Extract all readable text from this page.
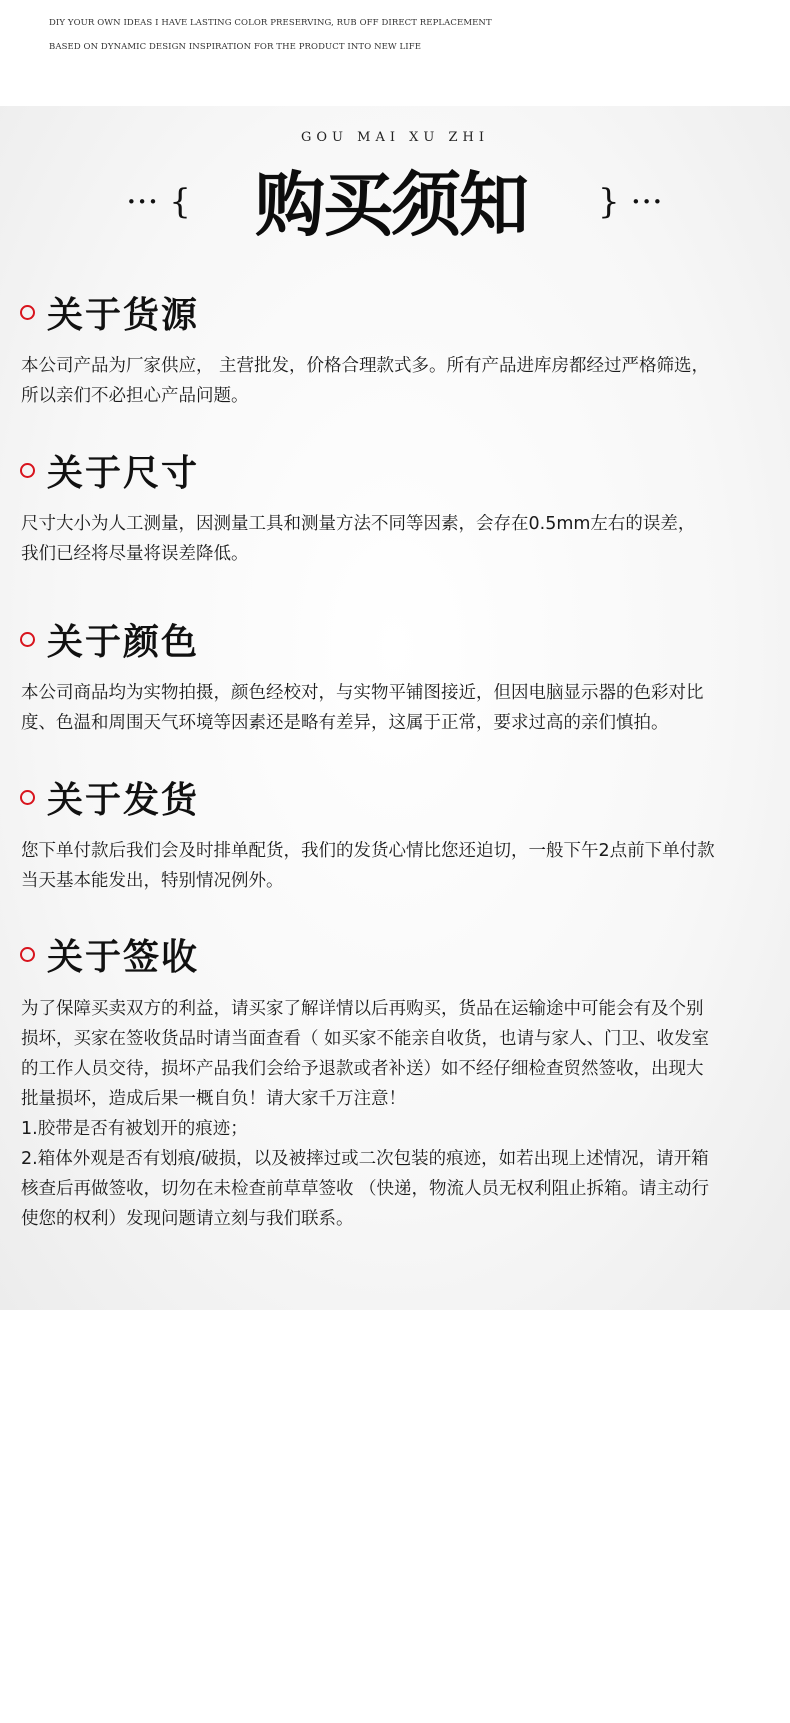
DIY YOUR OWN IDEAS I HAVE LASTING COLOR PRESERVING, RUB OFF DIRECT REPLACEMENT
BASED ON DYNAMIC DESIGN INSPIRATION FOR THE PRODUCT INTO NEW LIFE
GOU MAI XU ZHI
··· { 购买须知	} ···
关于货源

本公司产品为厂家供应， 主营批发，价格合理款式多。所有产品进库房都经过严格筛选，

所以亲们不必担心产品问题。

关于尺寸

尺寸大小为人工测量，因测量工具和测量方法不同等因素，会存在0.5mm左右的误差，

我们已经将尽量将误差降低。

关于颜色

本公司商品均为实物拍摄，颜色经校对，与实物平铺图接近，但因电脑显示器的色彩对比

度、色温和周围天气环境等因素还是略有差异，这属于正常，要求过高的亲们慎拍。

关于发货

您下单付款后我们会及时排单配货，我们的发货心情比您还迫切，一般下午2点前下单付款

当天基本能发出，特别情况例外。

关于签收

为了保障买卖双方的利益，请买家了解详情以后再购买，货品在运输途中可能会有及个别

损坏，买家在签收货品时请当面查看（ 如买家不能亲自收货，也请与家人、门卫、收发室

的工作人员交待，损坏产品我们会给予退款或者补送）如不经仔细检查贸然签收，出现大

批量损坏，造成后果一概自负！请大家千万注意！

1.胶带是否有被划开的痕迹；

2.箱体外观是否有划痕/破损，以及被摔过或二次包装的痕迹，如若出现上述情况，请开箱

核查后再做签收，切勿在未检查前草草签收 （快递，物流人员无权利阻止拆箱。请主动行

使您的权利）发现问题请立刻与我们联系。
